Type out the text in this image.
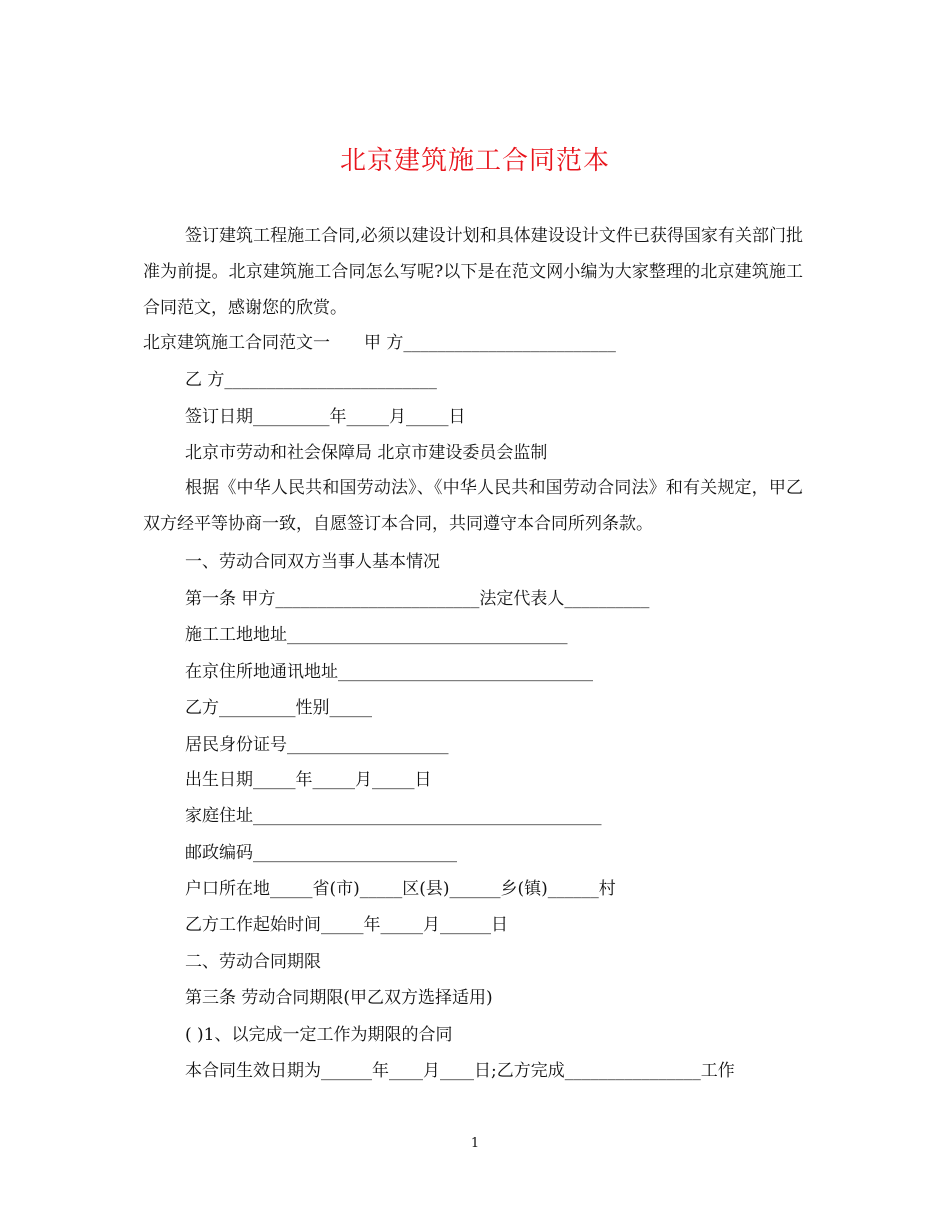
北京建筑施工合同范本

签订建筑工程施工合同,必须以建设计划和具体建设设计文件已获得国家有关部门批准为前提。北京建筑施工合同怎么写呢?以下是在范文网小编为大家整理的北京建筑施工合同范文，感谢您的欣赏。

北京建筑施工合同范文一　　甲 方_________________________
乙 方_________________________
签订日期_________年_____月_____日
北京市劳动和社会保障局 北京市建设委员会监制

根据《中华人民共和国劳动法》、《中华人民共和国劳动合同法》和有关规定，甲乙双方经平等协商一致，自愿签订本合同，共同遵守本合同所列条款。

一、劳动合同双方当事人基本情况
第一条 甲方________________________法定代表人__________
施工工地地址_________________________________
在京住所地通讯地址______________________________
乙方_________性别_____
居民身份证号___________________
出生日期_____年_____月_____日
家庭住址_________________________________________
邮政编码________________________
户口所在地_____省(市)_____区(县)______乡(镇)______村
乙方工作起始时间_____年_____月______日
二、劳动合同期限
第三条 劳动合同期限(甲乙双方选择适用)
( )1、以完成一定工作为期限的合同
本合同生效日期为______年____月____日;乙方完成________________工作
1
